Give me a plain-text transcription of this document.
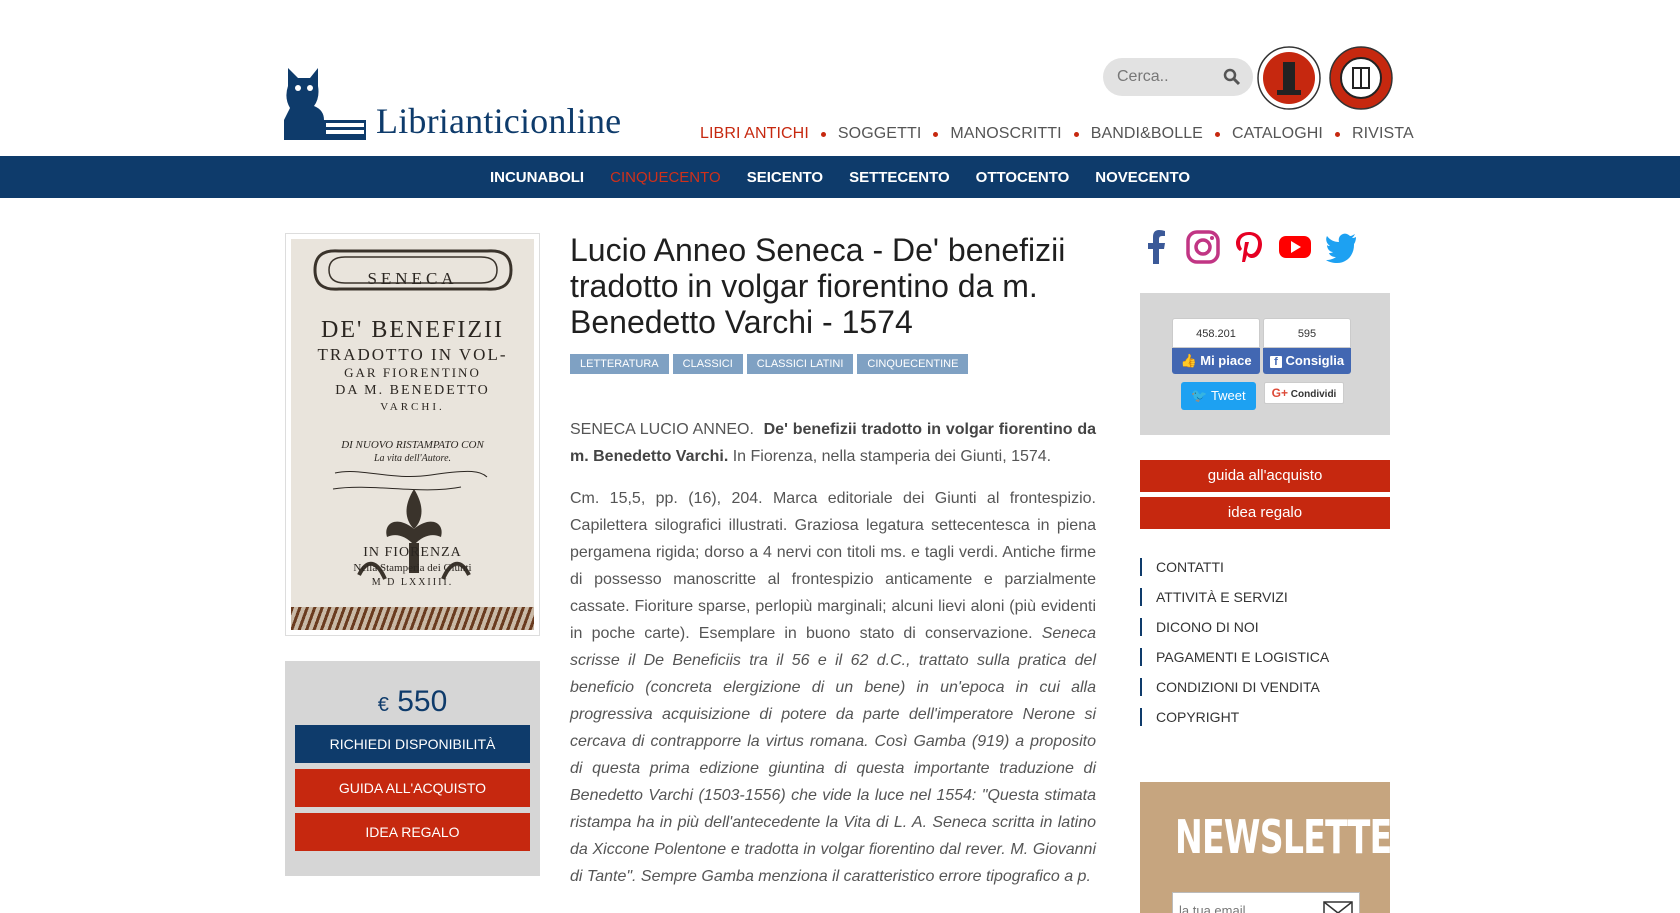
Librianticionline
Cerca..	LIBRI ANTICHI SOGGETTI MANOSCRITTI BANDI&BOLLE CATALOGHI RIVISTA
INCUNABOLI CINQUECENTO SEICENTO SETTECENTO OTTOCENTO NOVECENTO
SENECA
DE' BENEFIZII
TRADOTTO IN VOL-
GAR FIORENTINO
DA M. BENEDETTO
VARCHI.
DI NUOVO RISTAMPATO CON
La vita dell'Autore.
IN FIORENZA
Nella Stamperia dei Giunti
M D LXXIIII.
€ 550
RICHIEDI DISPONIBILITÀ
GUIDA ALL'ACQUISTO
IDEA REGALO
Lucio Anneo Seneca - De' benefizii tradotto in volgar fiorentino da m. Benedetto Varchi - 1574
LETTERATURA	CLASSICI	CLASSICI LATINI	CINQUECENTINE

SENECA LUCIO ANNEO. De' benefizii tradotto in volgar fiorentino da m. Benedetto Varchi. In Fiorenza, nella stamperia dei Giunti, 1574.

Cm. 15,5, pp. (16), 204. Marca editoriale dei Giunti al frontespizio. Capilettera silografici illustrati. Graziosa legatura settecentesca in piena pergamena rigida; dorso a 4 nervi con titoli ms. e tagli verdi. Antiche firme di possesso manoscritte al frontespizio anticamente e parzialmente cassate. Fioriture sparse, perlopiù marginali; alcuni lievi aloni (più evidenti in poche carte). Esemplare in buono stato di conservazione. Seneca scrisse il De Beneficiis tra il 56 e il 62 d.C., trattato sulla pratica del beneficio (concreta elergizione di un bene) in un'epoca in cui alla progressiva acquisizione di potere da parte dell'imperatore Nerone si cercava di contrapporre la virtus romana. Così Gamba (919) a proposito di questa prima edizione giuntina di questa importante traduzione di Benedetto Varchi (1503-1556) che vide la luce nel 1554: "Questa stimata ristampa ha in più dell'antecedente la Vita di L. A. Seneca scritta in latino da Xiccone Polentone e tradotta in volgar fiorentino dal rever. M. Giovanni di Tante". Sempre Gamba menziona il caratteristico errore tipografico a p.

458.201
👍 Mi piace
595
f Consiglia
🐦 Tweet	G+ Condividi
guida all'acquisto
idea regalo
CONTATTI
ATTIVITÀ E SERVIZI
DICONO DI NOI
PAGAMENTI E LOGISTICA
CONDIZIONI DI VENDITA
COPYRIGHT
NEWSLETTER
la tua email
